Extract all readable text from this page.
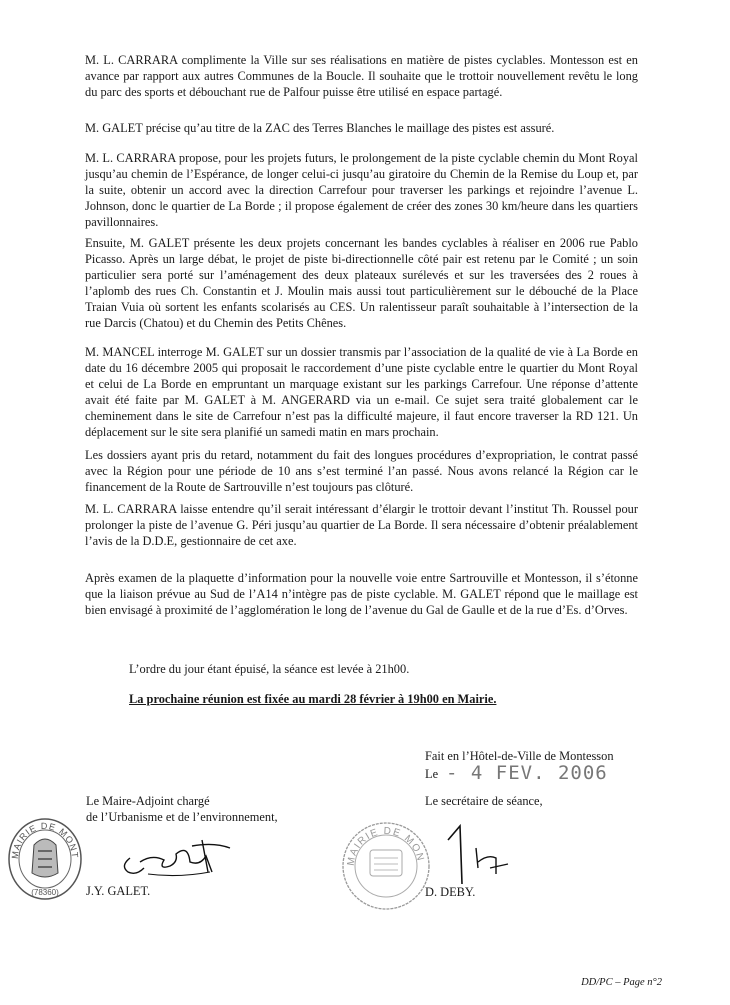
M. L. CARRARA complimente la Ville sur ses réalisations en matière de pistes cyclables. Montesson est en avance par rapport aux autres Communes de la Boucle. Il souhaite que le trottoir nouvellement revêtu le long du parc des sports et débouchant rue de Palfour puisse être utilisé en espace partagé.

M. GALET précise qu’au titre de la ZAC des Terres Blanches le maillage des pistes est assuré.

M. L. CARRARA propose, pour les projets futurs, le prolongement de la piste cyclable chemin du Mont Royal jusqu’au chemin de l’Espérance, de longer celui-ci jusqu’au giratoire du Chemin de la Remise du Loup et, par la suite, obtenir un accord avec la direction Carrefour pour traverser les parkings et rejoindre l’avenue L. Johnson, donc le quartier de La Borde ; il propose également de créer des zones 30 km/heure dans les quartiers pavillonnaires.

Ensuite, M. GALET présente les deux projets concernant les bandes cyclables à réaliser en 2006 rue Pablo Picasso. Après un large débat, le projet de piste bi-directionnelle côté pair est retenu par le Comité ; un soin particulier sera porté sur l’aménagement des deux plateaux surélevés et sur les traversées des 2 roues à l’aplomb des rues Ch. Constantin et J. Moulin mais aussi tout particulièrement sur le débouché de la Place Traian Vuia où sortent les enfants scolarisés au CES. Un ralentisseur paraît souhaitable à l’intersection de la rue Darcis (Chatou) et du Chemin des Petits Chênes.

M. MANCEL interroge M. GALET sur un dossier transmis par l’association de la qualité de vie à La Borde en date du 16 décembre 2005 qui proposait le raccordement d’une piste cyclable entre le quartier du Mont Royal et celui de La Borde en empruntant un marquage existant sur les parkings Carrefour. Une réponse d’attente avait été faite par M. GALET à M. ANGERARD via un e-mail. Ce sujet sera traité globalement car le cheminement dans le site de Carrefour n’est pas la difficulté majeure, il faut encore traverser la RD 121. Un déplacement sur le site sera planifié un samedi matin en mars prochain.

Les dossiers ayant pris du retard, notamment du fait des longues procédures d’expropriation, le contrat passé avec la Région pour une période de 10 ans s’est terminé l’an passé. Nous avons relancé la Région car le financement de la Route de Sartrouville n’est toujours pas clôturé.

M. L. CARRARA laisse entendre qu’il serait intéressant d’élargir le trottoir devant l’institut Th. Roussel pour prolonger la piste de l’avenue G. Péri jusqu’au quartier de La Borde. Il sera nécessaire d’obtenir préalablement l’avis de la D.D.E, gestionnaire de cet axe.

Après examen de la plaquette d’information pour la nouvelle voie entre Sartrouville et Montesson, il s’étonne que la liaison prévue au Sud de l’A14 n’intègre pas de piste cyclable. M. GALET répond que le maillage est bien envisagé à proximité de l’agglomération le long de l’avenue du Gal de Gaulle et de la rue d’Es. d’Orves.

L’ordre du jour étant épuisé, la séance est levée à 21h00.

La prochaine réunion est fixée au mardi 28 février à 19h00 en Mairie.

Fait en l’Hôtel-de-Ville de Montesson

Le - 4 FEV. 2006

Le Maire-Adjoint chargé

de l’Urbanisme et de l’environnement,

Le secrétaire de séance,

MAIRIE DE MONTESSON
(78360) J.Y. GALET.

MAIRIE DE MONTESSON

D. DEBY.

DD/PC – Page n°2
